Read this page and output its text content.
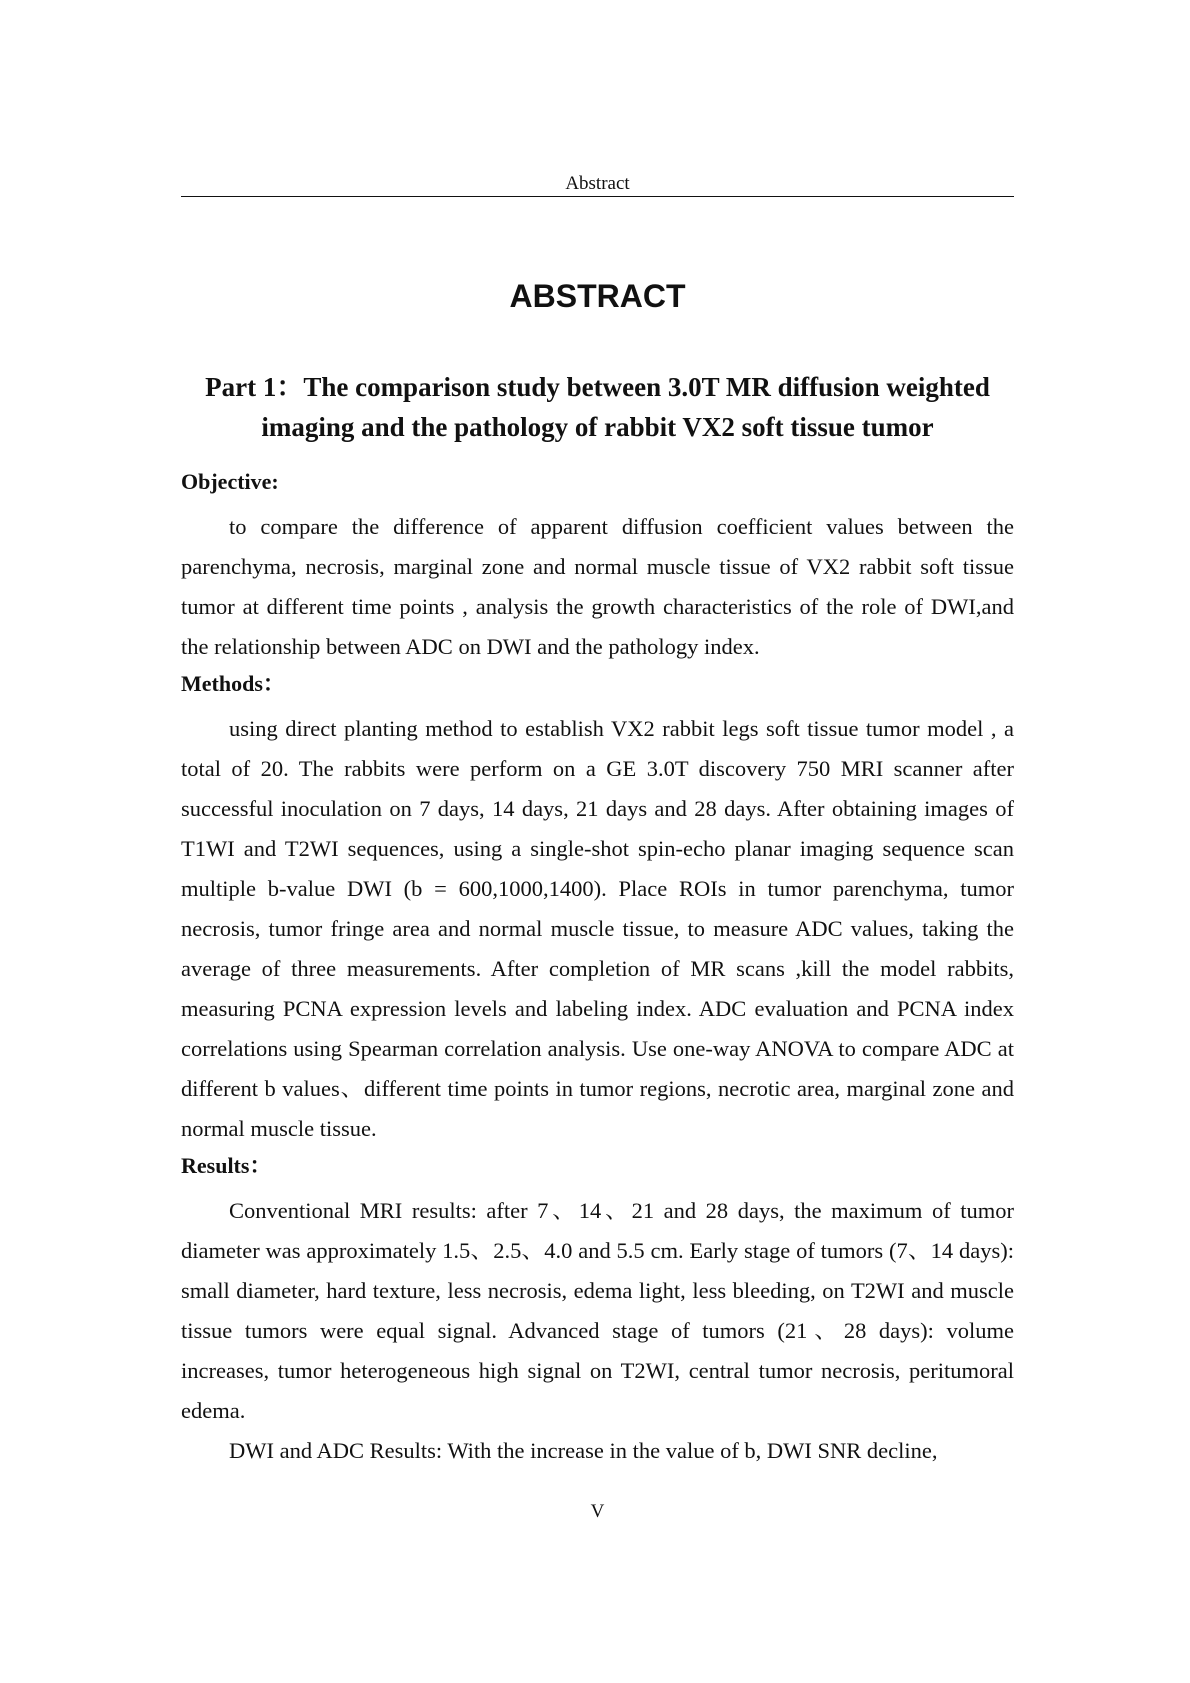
Abstract
ABSTRACT
Part 1：The comparison study between 3.0T MR diffusion weighted
imaging and the pathology of rabbit VX2 soft tissue tumor
Objective:

to compare the difference of apparent diffusion coefficient values between the parenchyma, necrosis, marginal zone and normal muscle tissue of VX2 rabbit soft tissue tumor at different time points , analysis the growth characteristics of the role of DWI,and the relationship between ADC on DWI and the pathology index.

Methods：

using direct planting method to establish VX2 rabbit legs soft tissue tumor model , a total of 20. The rabbits were perform on a GE 3.0T discovery 750 MRI scanner after successful inoculation on 7 days, 14 days, 21 days and 28 days. After obtaining images of T1WI and T2WI sequences, using a single-shot spin-echo planar imaging sequence scan multiple b-value DWI (b = 600,1000,1400). Place ROIs in tumor parenchyma, tumor necrosis, tumor fringe area and normal muscle tissue, to measure ADC values, taking the average of three measurements. After completion of MR scans ,kill the model rabbits, measuring PCNA expression levels and labeling index. ADC evaluation and PCNA index correlations using Spearman correlation analysis. Use one-way ANOVA to compare ADC at different b values、different time points in tumor regions, necrotic area, marginal zone and normal muscle tissue.

Results：

Conventional MRI results: after 7、14、21 and 28 days, the maximum of tumor diameter was approximately 1.5、2.5、4.0 and 5.5 cm. Early stage of tumors (7、14 days): small diameter, hard texture, less necrosis, edema light, less bleeding, on T2WI and muscle tissue tumors were equal signal. Advanced stage of tumors (21、28 days): volume increases, tumor heterogeneous high signal on T2WI, central tumor necrosis, peritumoral edema.

DWI and ADC Results: With the increase in the value of b, DWI SNR decline,

V
